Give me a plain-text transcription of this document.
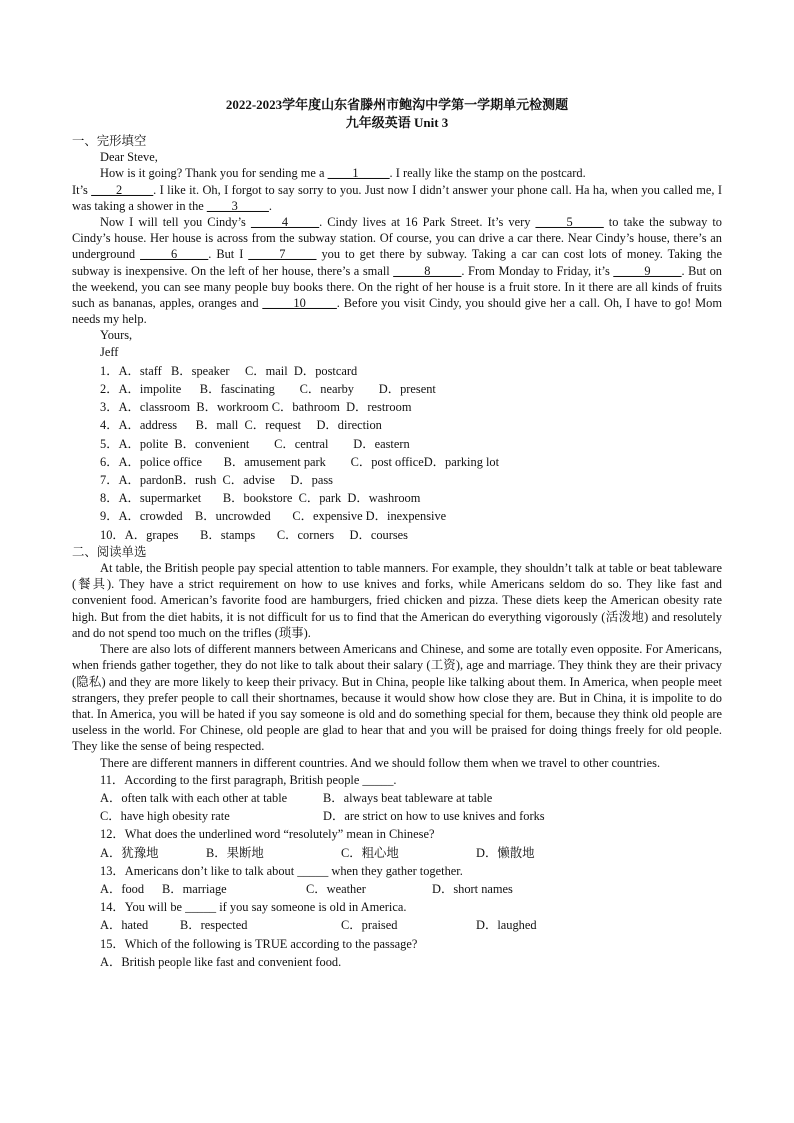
2022-2023学年度山东省滕州市鲍沟中学第一学期单元检测题

九年级英语 Unit 3

一、完形填空

Dear Steve,

How is it going? Thank you for sending me a ____1_____. I really like the stamp on the postcard.

It’s ____2_____. I like it. Oh, I forgot to say sorry to you. Just now I didn’t answer your phone call. Ha ha, when you called me, I was taking a shower in the ____3_____.

Now I will tell you Cindy’s _____4_____. Cindy lives at 16 Park Street. It’s very _____5_____ to take the subway to Cindy’s house. Her house is across from the subway station. Of course, you can drive a car there. Near Cindy’s house, there’s an underground _____6_____. But I _____7_____ you to get there by subway. Taking a car can cost lots of money. Taking the subway is inexpensive. On the left of her house, there’s a small _____8_____. From Monday to Friday, it’s _____9_____. But on the weekend, you can see many people buy books there. On the right of her house is a fruit store. In it there are all kinds of fruits such as bananas, apples, oranges and _____10_____. Before you visit Cindy, you should give her a call. Oh, I have to go! Mom needs my help.

Yours,

Jeff

1．A．staff   B．speaker     C．mail  D．postcard

2．A．impolite      B．fascinating        C．nearby        D．present

3．A．classroom  B．workroom C．bathroom  D．restroom

4．A．address      B．mall  C．request     D．direction

5．A．polite  B．convenient        C．central        D．eastern

6．A．police office       B．amusement park        C．post officeD．parking lot

7．A．pardonB．rush  C．advise     D．pass

8．A．supermarket       B．bookstore  C．park  D．washroom

9．A．crowded    B．uncrowded       C．expensive D．inexpensive

10．A．grapes       B．stamps       C．corners     D．courses

二、阅读单选

At table, the British people pay special attention to table manners. For example, they shouldn’t talk at table or beat tableware (餐具). They have a strict requirement on how to use knives and forks, while Americans seldom do so. They like fast and convenient food. American’s favorite food are hamburgers, fried chicken and pizza. These diets keep the American obesity rate high. But from the diet habits, it is not difficult for us to find that the American do everything vigorously (活泼地) and resolutely and do not spend too much on the trifles (琐事).

There are also lots of different manners between Americans and Chinese, and some are totally even opposite. For Americans, when friends gather together, they do not like to talk about their salary (工资), age and marriage. They think they are their privacy (隐私) and they are more likely to keep their privacy. But in China, people like talking about them. In America, when people meet strangers, they prefer people to call their shortnames, because it would show how close they are. But in China, it is impolite to do that. In America, you will be hated if you say someone is old and do something special for them, because they think old people are useless in the world. For Chinese, old people are glad to hear that and you will be praised for doing things freely for old people. They like the sense of being respected.

There are different manners in different countries. And we should follow them when we travel to other countries.

11．According to the first paragraph, British people _____.

A．often talk with each other at table	B．always beat tableware at table

C．have high obesity rate	D．are strict on how to use knives and forks

12．What does the underlined word “resolutely” mean in Chinese?

A．犹豫地	B．果断地	C．粗心地	D．懒散地

13．Americans don’t like to talk about _____ when they gather together.

A．food B．marriage	C．weather	D．short names

14．You will be _____ if you say someone is old in America.

A．hated	B．respected	C．praised	D．laughed

15．Which of the following is TRUE according to the passage?

A．British people like fast and convenient food.
